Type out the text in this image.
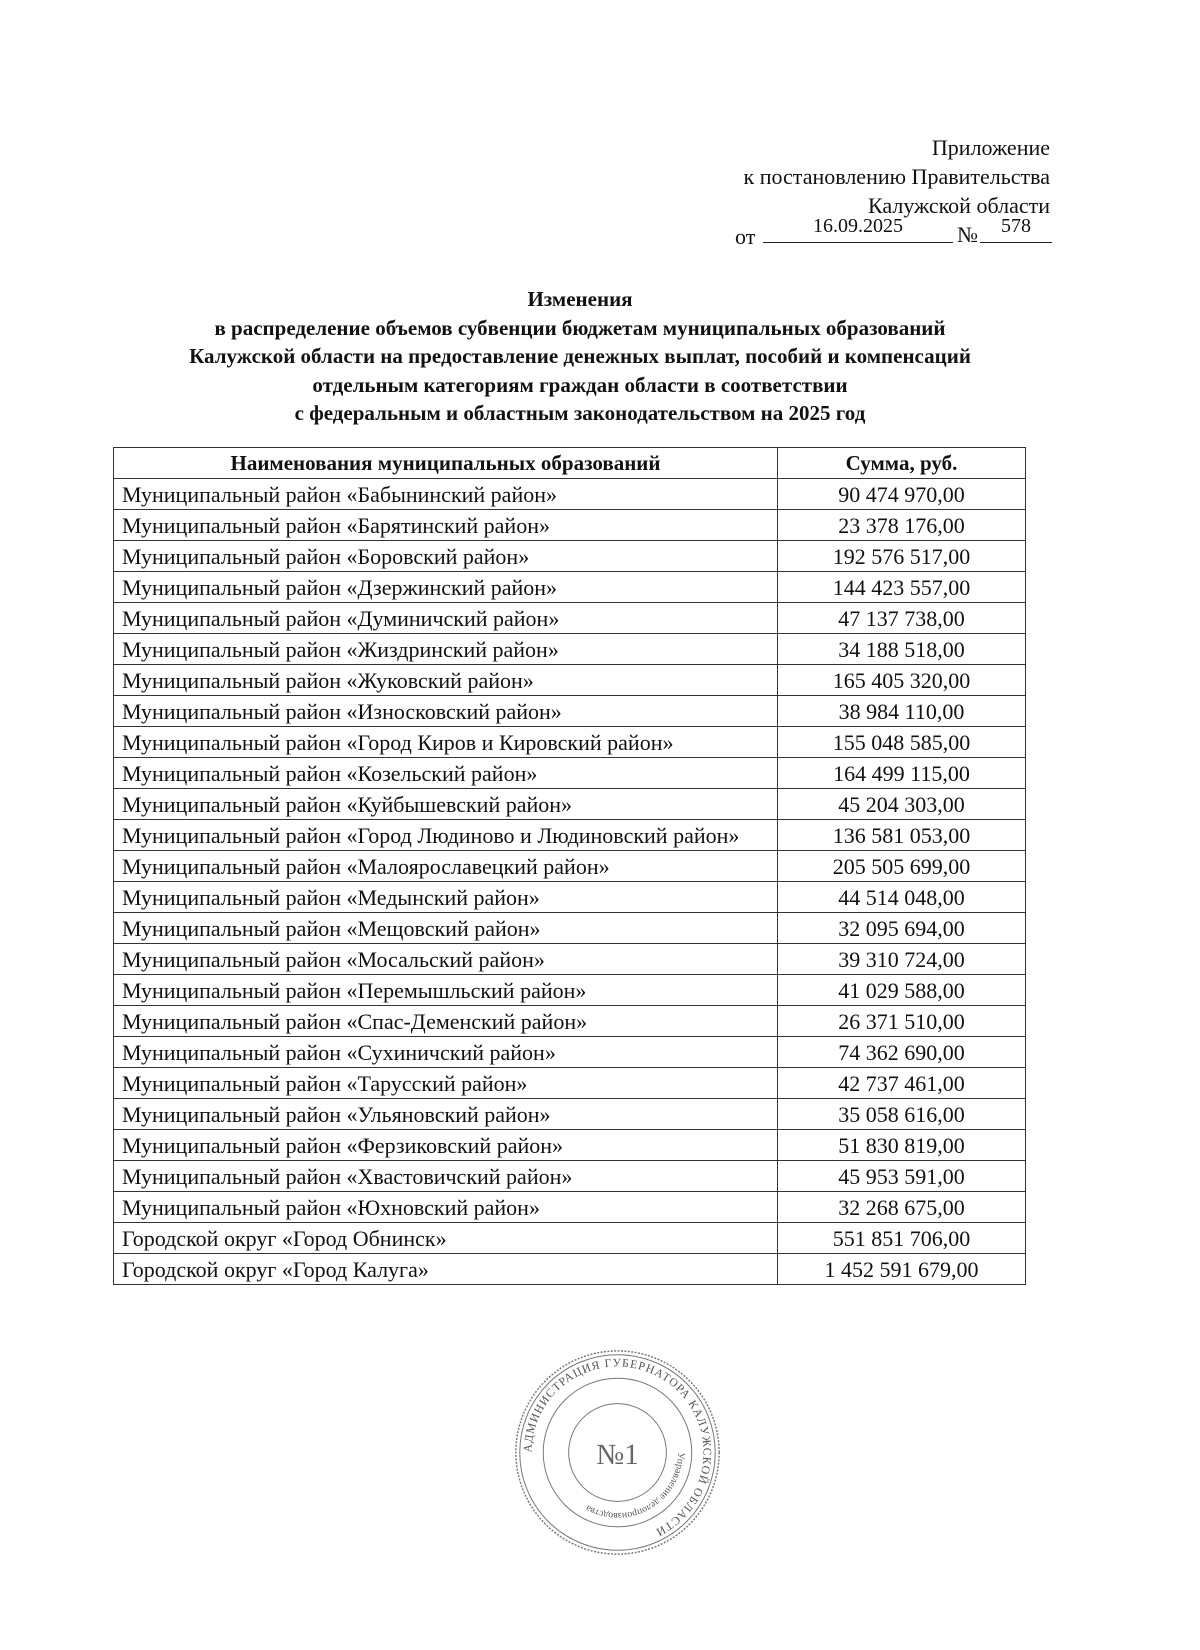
Приложение
к постановлению Правительства
Калужской области
от	16.09.2025	№	578
Изменения
в распределение объемов субвенции бюджетам муниципальных образований
Калужской области на предоставление денежных выплат, пособий и компенсаций
отдельным категориям граждан области в соответствии
с федеральным и областным законодательством на 2025 год
Наименования муниципальных образований	Сумма, руб.
Муниципальный район «Бабынинский район»	90 474 970,00
Муниципальный район «Барятинский район»	23 378 176,00
Муниципальный район «Боровский район»	192 576 517,00
Муниципальный район «Дзержинский район»	144 423 557,00
Муниципальный район «Думиничский район»	47 137 738,00
Муниципальный район «Жиздринский район»	34 188 518,00
Муниципальный район «Жуковский район»	165 405 320,00
Муниципальный район «Износковский район»	38 984 110,00
Муниципальный район «Город Киров и Кировский район»	155 048 585,00
Муниципальный район «Козельский район»	164 499 115,00
Муниципальный район «Куйбышевский район»	45 204 303,00
Муниципальный район «Город Людиново и Людиновский район»	136 581 053,00
Муниципальный район «Малоярославецкий район»	205 505 699,00
Муниципальный район «Медынский район»	44 514 048,00
Муниципальный район «Мещовский район»	32 095 694,00
Муниципальный район «Мосальский район»	39 310 724,00
Муниципальный район «Перемышльский район»	41 029 588,00
Муниципальный район «Спас-Деменский район»	26 371 510,00
Муниципальный район «Сухиничский район»	74 362 690,00
Муниципальный район «Тарусский район»	42 737 461,00
Муниципальный район «Ульяновский район»	35 058 616,00
Муниципальный район «Ферзиковский район»	51 830 819,00
Муниципальный район «Хвастовичский район»	45 953 591,00
Муниципальный район «Юхновский район»	32 268 675,00
Городской округ «Город Обнинск»	551 851 706,00
Городской округ «Город Калуга»	1 452 591 679,00
АДМИНИСТРАЦИЯ ГУБЕРНАТОРА КАЛУЖСКОЙ ОБЛАСТИ
Управление делопроизводства
№1
